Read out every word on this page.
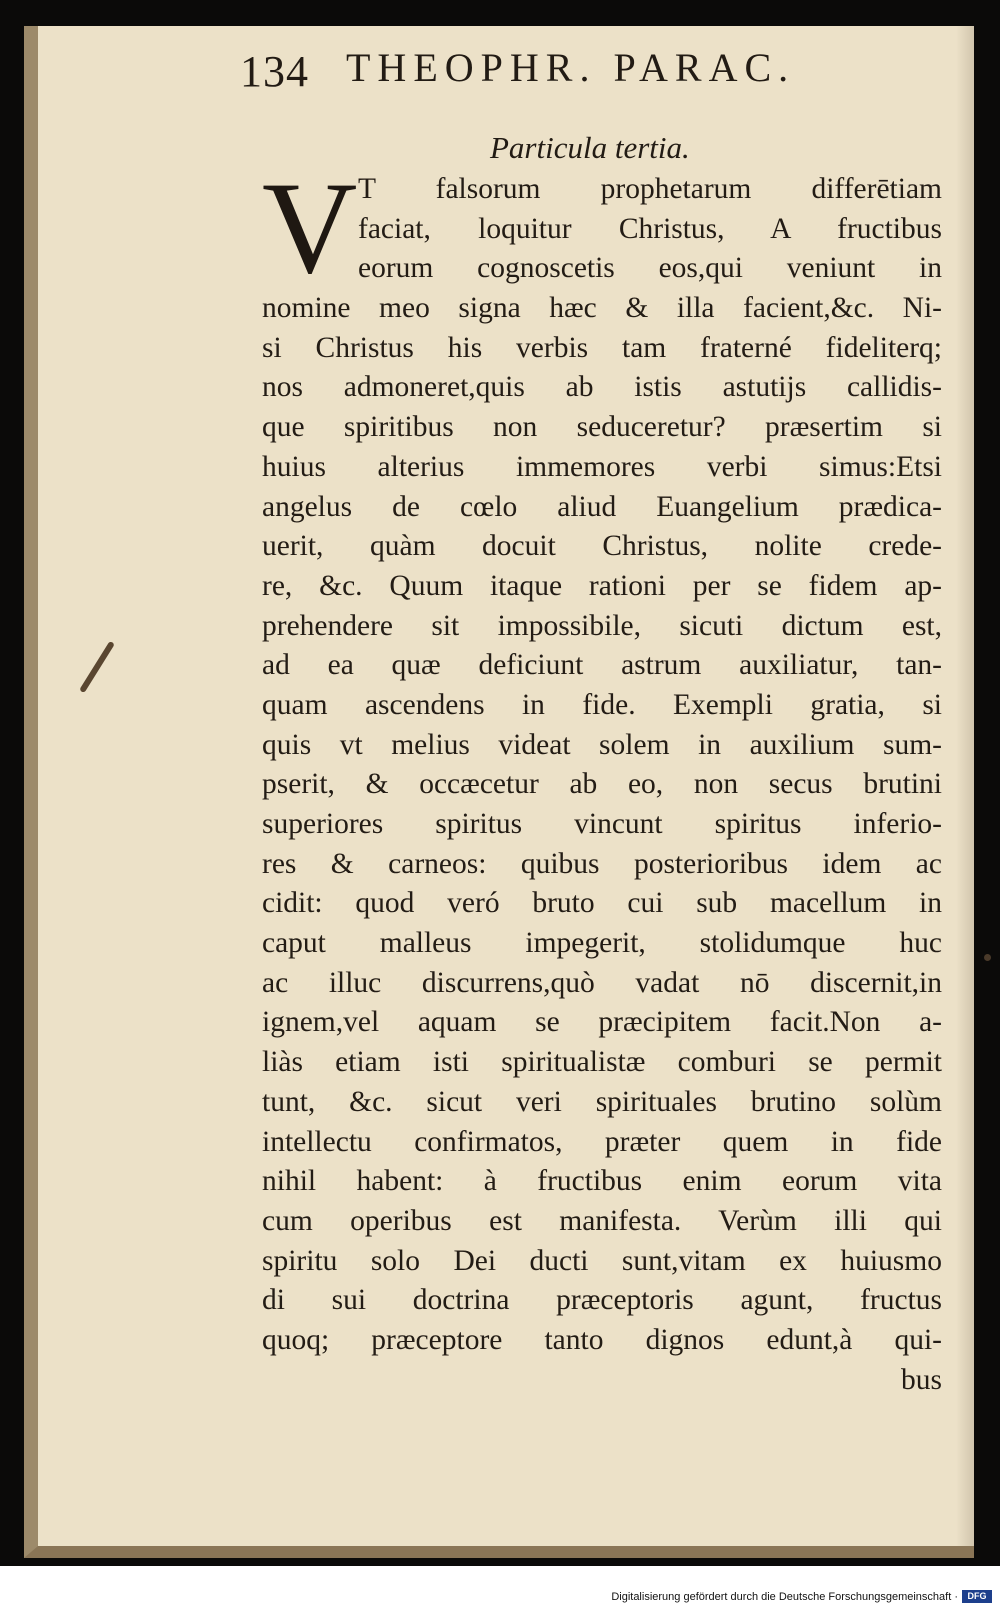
134 THEOPHR. PARAC.
Particula tertia.
V T falsorum prophetarum differētiam
faciat, loquitur Christus, A fructibus
eorum cognoscetis eos,qui veniunt in
nomine meo signa hæc & illa facient,&c. Ni-
si Christus his verbis tam fraterné fideliterq;
nos admoneret,quis ab istis astutijs callidis-
que spiritibus non seduceretur? præsertim si
huius alterius immemores verbi simus:Etsi
angelus de cœlo aliud Euangelium prædica-
uerit, quàm docuit Christus, nolite crede-
re, &c. Quum itaque rationi per se fidem ap-
prehendere sit impossibile, sicuti dictum est,
ad ea quæ deficiunt astrum auxiliatur, tan-
quam ascendens in fide. Exempli gratia, si
quis vt melius videat solem in auxilium sum-
pserit, & occæcetur ab eo, non secus brutini
superiores spiritus vincunt spiritus inferio-
res & carneos: quibus posterioribus idem ac
cidit: quod veró bruto cui sub macellum in
caput malleus impegerit, stolidumque huc
ac illuc discurrens,quò vadat nō discernit,in
ignem,vel aquam se præcipitem facit.Non a-
liàs etiam isti spiritualistæ comburi se permit
tunt, &c. sicut veri spirituales brutino solùm
intellectu confirmatos, præter quem in fide
nihil habent: à fructibus enim eorum vita
cum operibus est manifesta. Verùm illi qui
spiritu solo Dei ducti sunt,vitam ex huiusmo
di sui doctrina præceptoris agunt, fructus
quoq; præceptore tanto dignos edunt,à qui-
bus
Digitalisierung gefördert durch die Deutsche Forschungsgemeinschaft ·	DFG
